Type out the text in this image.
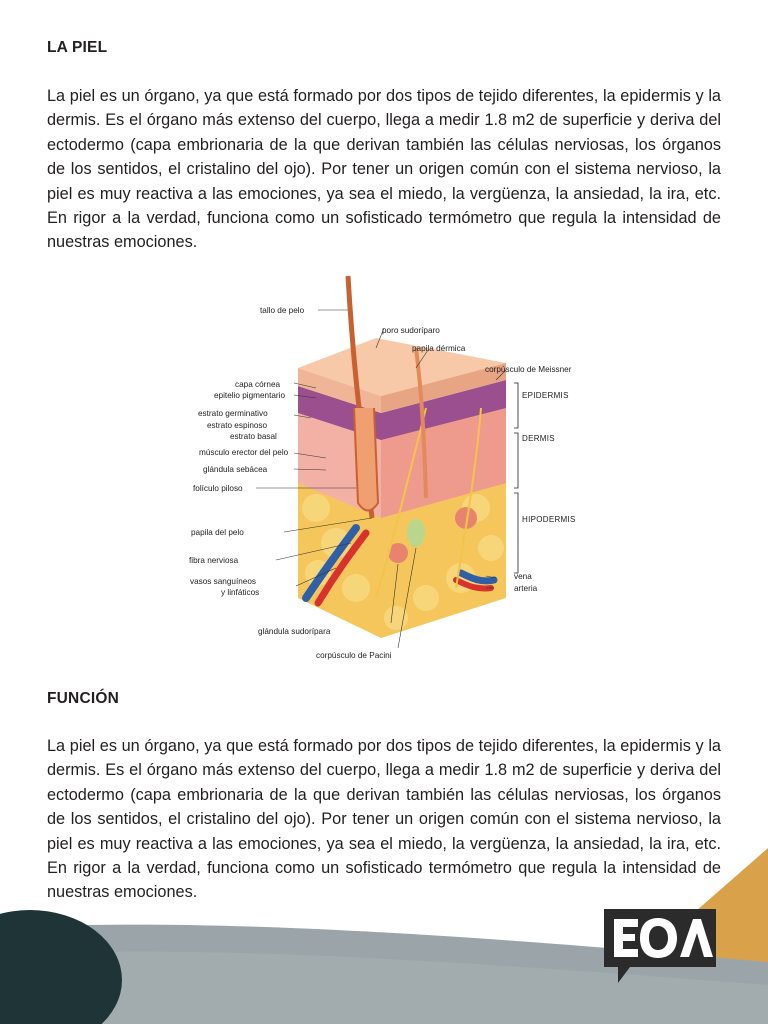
LA PIEL

La piel es un órgano, ya que está formado por dos tipos de tejido diferentes, la epidermis y la dermis. Es el órgano más extenso del cuerpo, llega a medir 1.8 m2 de superficie y deriva del ectodermo (capa embrionaria de la que derivan también las células nerviosas, los órganos de los sentidos, el cristalino del ojo). Por tener un origen común con el sistema nervioso, la piel es muy reactiva a las emociones, ya sea el miedo, la vergüenza, la ansiedad, la ira, etc. En rigor a la verdad, funciona como un sofisticado termómetro que regula la intensidad de nuestras emociones.

tallo de pelo
capa córnea
epitelio pigmentario
estrato germinativo
estrato espinoso
estrato basal
músculo erector del pelo
glándula sebácea
folículo piloso
papila del pelo
fibra nerviosa
vasos sanguíneos
y linfáticos
poro sudoríparo
papila dérmica
corpúsculo de Meissner
EPIDERMIS
DERMIS
HIPODERMIS
vena
arteria
glándula sudorípara
corpúsculo de Pacini
FUNCIÓN

La piel es un órgano, ya que está formado por dos tipos de tejido diferentes, la epidermis y la dermis. Es el órgano más extenso del cuerpo, llega a medir 1.8 m2 de superficie y deriva del ectodermo (capa embrionaria de la que derivan también las células nerviosas, los órganos de los sentidos, el cristalino del ojo). Por tener un origen común con el sistema nervioso, la piel es muy reactiva a las emociones, ya sea el miedo, la vergüenza, la ansiedad, la ira, etc. En rigor a la verdad, funciona como un sofisticado termómetro que regula la intensidad de nuestras emociones.
